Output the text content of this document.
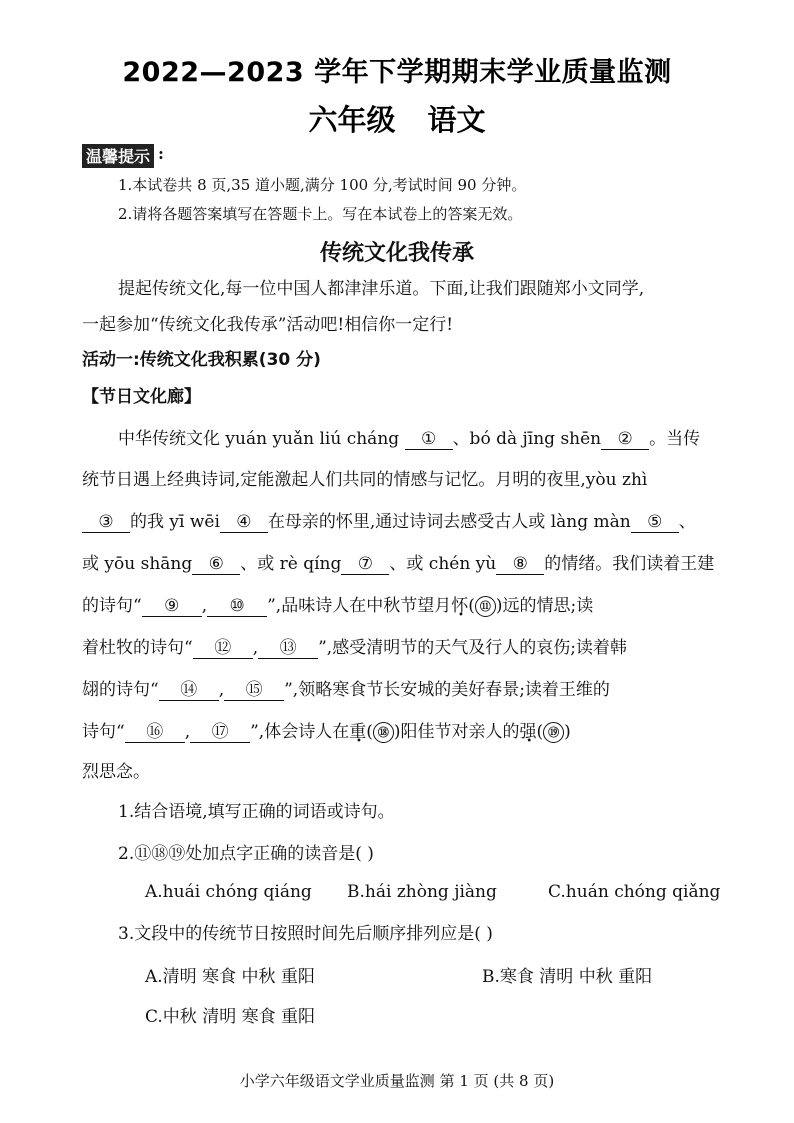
2022—2023 学年下学期期末学业质量监测
六年级 语文
温馨提示 :
1.本试卷共 8 页,35 道小题,满分 100 分,考试时间 90 分钟。
2.请将各题答案填写在答题卡上。写在本试卷上的答案无效。
传统文化我传承
提起传统文化,每一位中国人都津津乐道。下面,让我们跟随郑小文同学,
一起参加“传统文化我传承”活动吧!相信你一定行!
活动一:传统文化我积累(30 分)
【节日文化廊】
中华传统文化 yuán yuǎn liú cháng ① 、bó dà jīng shēn ② 。当传
统节日遇上经典诗词,定能激起人们共同的情感与记忆。月明的夜里,yòu zhì
③ 的我 yī wēi ④ 在母亲的怀里,通过诗词去感受古人或 làng màn ⑤ 、
或 yōu shāng ⑥ 、或 rè qíng ⑦ 、或 chén yù ⑧ 的情绪。我们读着王建
的诗句“ ⑨ , ⑩ ”,品味诗人在中秋节望月怀( ⑪ )远的情思;读
着杜牧的诗句“ ⑫ , ⑬ ”,感受清明节的天气及行人的哀伤;读着韩
翃的诗句“ ⑭ , ⑮ ”,领略寒食节长安城的美好春景;读着王维的
诗句“ ⑯ , ⑰ ”,体会诗人在重( ⑱ )阳佳节对亲人的强( ⑲ )
烈思念。
1.结合语境,填写正确的词语或诗句。
2.⑪⑱⑲处加点字正确的读音是( )
A.huái chóng qiáng B.hái zhòng jiàng	C.huán chóng qiǎng
3.文段中的传统节日按照时间先后顺序排列应是( )
A.清明 寒食 中秋 重阳	B.寒食 清明 中秋 重阳
C.中秋 清明 寒食 重阳
小学六年级语文学业质量监测 第 1 页 (共 8 页)
